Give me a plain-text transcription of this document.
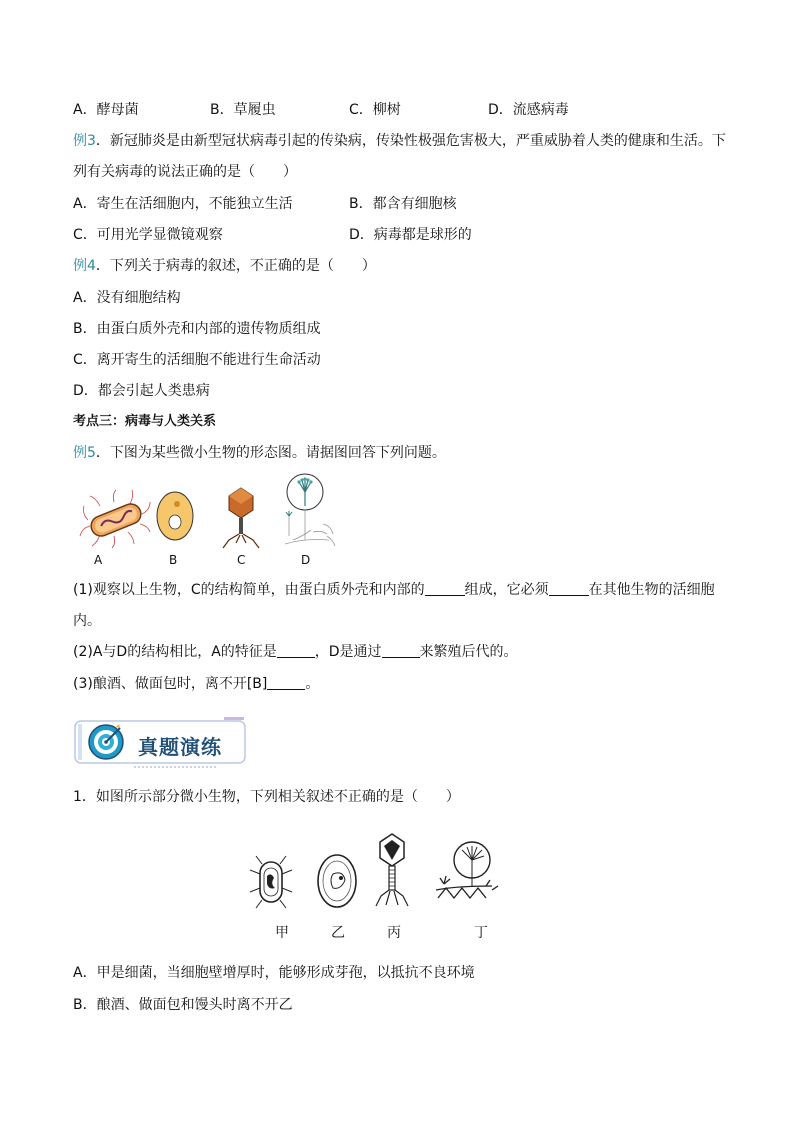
A．酵母菌	B．草履虫	C．柳树	D．流感病毒
例3．新冠肺炎是由新型冠状病毒引起的传染病，传染性极强危害极大，严重威胁着人类的健康和生活。下
列有关病毒的说法正确的是（　　）
A．寄生在活细胞内，不能独立生活	B．都含有细胞核
C．可用光学显微镜观察	D．病毒都是球形的
例4．下列关于病毒的叙述，不正确的是（　　）
A．没有细胞结构
B．由蛋白质外壳和内部的遗传物质组成
C．离开寄生的活细胞不能进行生命活动
D．都会引起人类患病
考点三：病毒与人类关系
例5．下图为某些微小生物的形态图。请据图回答下列问题。
A	B	C	D
(1)观察以上生物，C的结构简单，由蛋白质外壳和内部的	组成，它必须	在其他生物的活细胞
内。
(2)A与D的结构相比，A的特征是	，D是通过	来繁殖后代的。
(3)酿酒、做面包时，离不开[B]	。
真题演练
1．如图所示部分微小生物，下列相关叙述不正确的是（　　）
甲	乙	丙	丁
A．甲是细菌，当细胞壁增厚时，能够形成芽孢，以抵抗不良环境
B．酿酒、做面包和馒头时离不开乙
